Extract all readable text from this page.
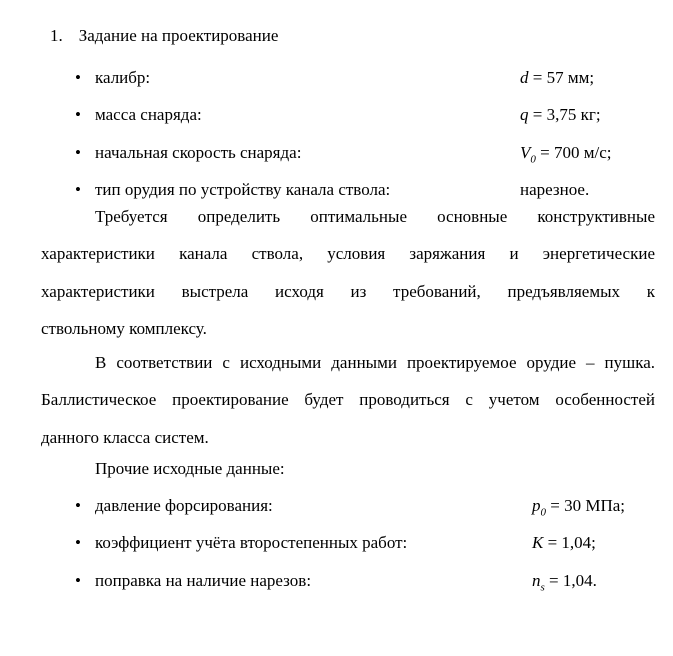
1. Задание на проектирование
• калибр:	d = 57 мм;
• масса снаряда:	q = 3,75 кг;
• начальная скорость снаряда:	$V_0 = 700$ м/с;
• тип орудия по устройству канала ствола:	нарезное.
Требуется определить оптимальные основные конструктивные
характеристики канала ствола, условия заряжания и энергетические
характеристики выстрела исходя из требований, предъявляемых к
ствольному комплексу.
В соответствии с исходными данными проектируемое орудие – пушка.
Баллистическое проектирование будет проводиться с учетом особенностей
данного класса систем.
Прочие исходные данные:
• давление форсирования:	$p_0 = 30$ МПа;
• коэффициент учёта второстепенных работ:	K = 1,04;
• поправка на наличие нарезов:	$n_s = 1,04$.
